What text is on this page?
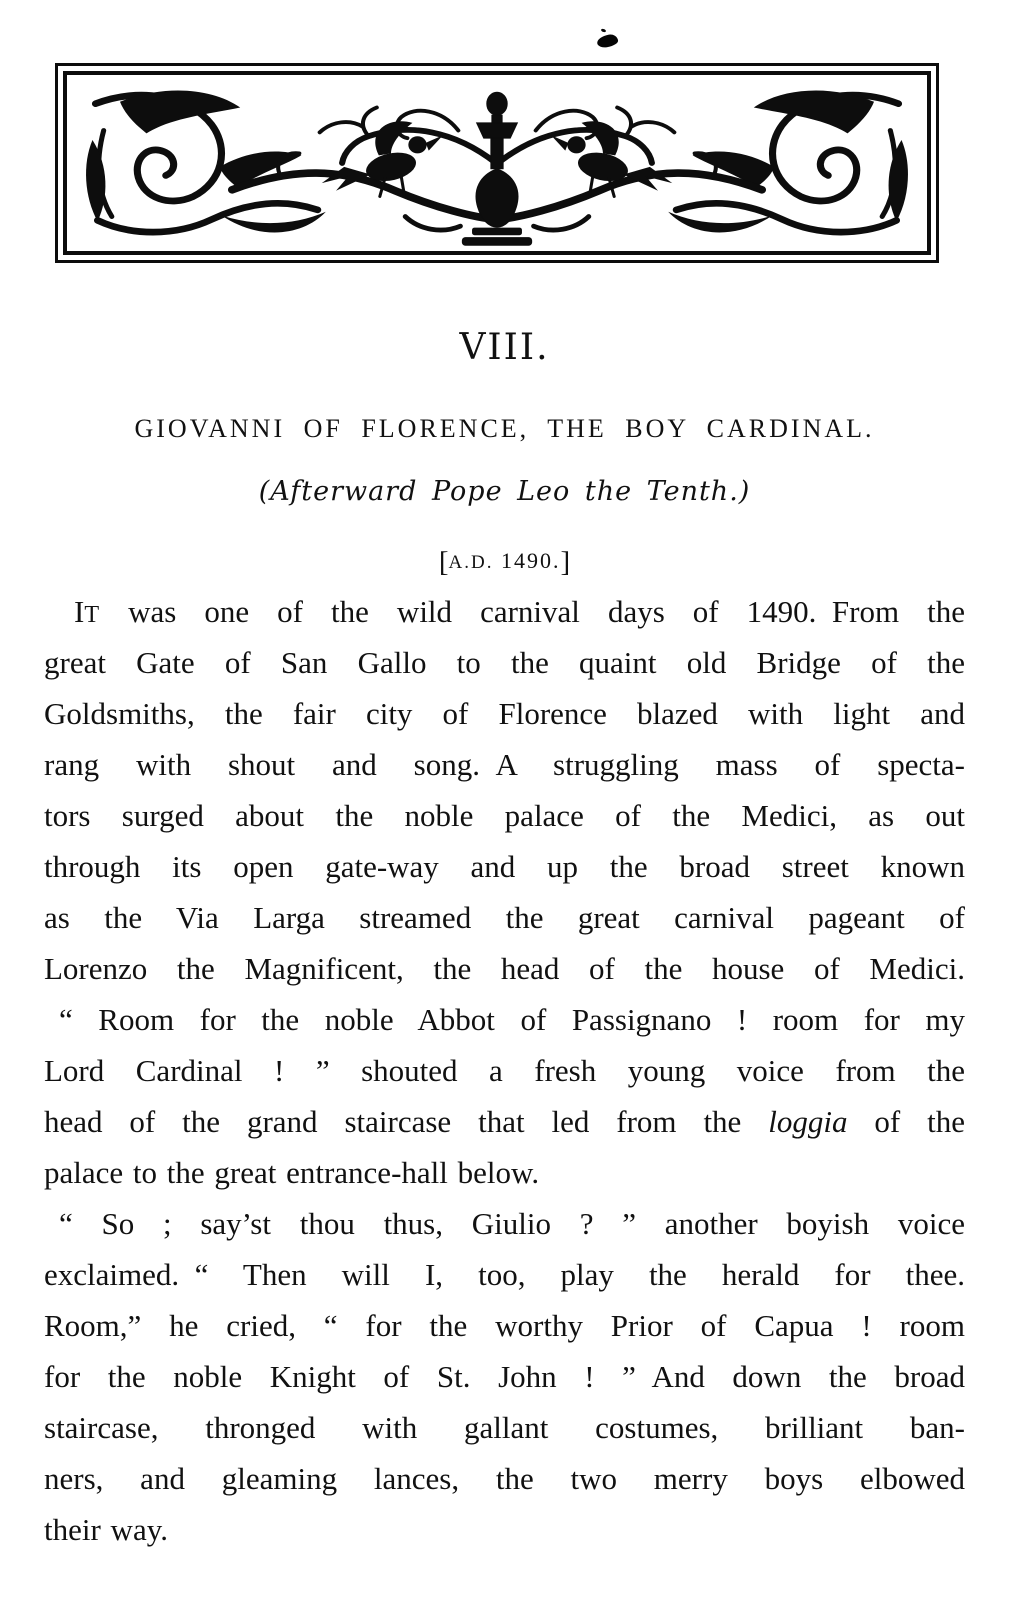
VIII.
GIOVANNI OF FLORENCE, THE BOY CARDINAL.
(Afterward Pope Leo the Tenth.)
[A.D. 1490.]
IT was one of the wild carnival days of 1490. From the
great Gate of San Gallo to the quaint old Bridge of the
Goldsmiths, the fair city of Florence blazed with light and
rang with shout and song. A struggling mass of specta-
tors surged about the noble palace of the Medici, as out
through its open gate-way and up the broad street known
as the Via Larga streamed the great carnival pageant of
Lorenzo the Magnificent, the head of the house of Medici.
“ Room for the noble Abbot of Passignano ! room for my
Lord Cardinal ! ” shouted a fresh young voice from the
head of the grand staircase that led from the loggia of the
palace to the great entrance-hall below.
“ So ; say’st thou thus, Giulio ? ” another boyish voice
exclaimed. “ Then will I, too, play the herald for thee.
Room,” he cried, “ for the worthy Prior of Capua ! room
for the noble Knight of St. John ! ” And down the broad
staircase, thronged with gallant costumes, brilliant ban-
ners, and gleaming lances, the two merry boys elbowed
their way.
